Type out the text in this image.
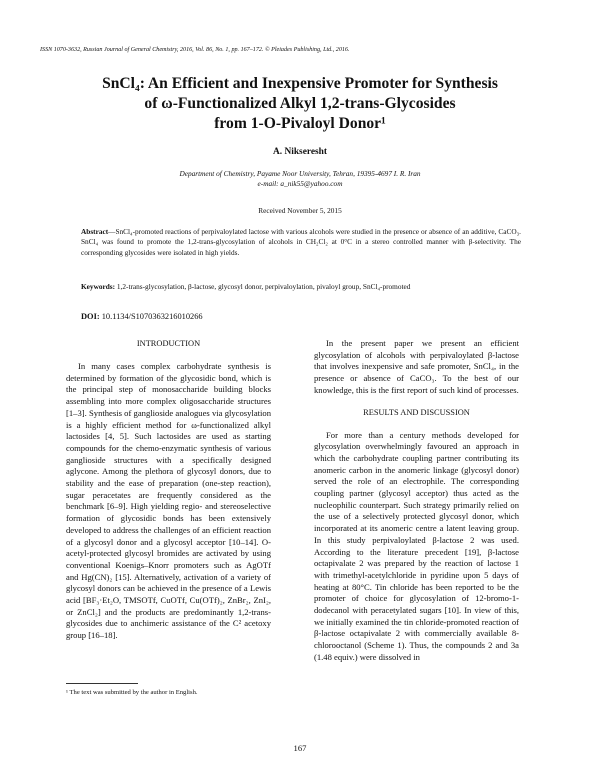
ISSN 1070-3632, Russian Journal of General Chemistry, 2016, Vol. 86, No. 1, pp. 167–172. © Pleiades Publishing, Ltd., 2016.
SnCl₄: An Efficient and Inexpensive Promoter for Synthesis
of ω-Functionalized Alkyl 1,2-trans-Glycosides
from 1-O-Pivaloyl Donor¹
A. Nikseresht
Department of Chemistry, Payame Noor University, Tehran, 19395-4697 I. R. Iran
e-mail: a_nik55@yahoo.com
Received November 5, 2015

Abstract—SnCl₄-promoted reactions of perpivaloylated lactose with various alcohols were studied in the presence or absence of an additive, CaCO₃. SnCl₄ was found to promote the 1,2-trans-glycosylation of alcohols in CH₂Cl₂ at 0°C in a stereo controlled manner with β-selectivity. The corresponding glycosides were isolated in high yields.

Keywords: 1,2-trans-glycosylation, β-lactose, glycosyl donor, perpivaloylation, pivaloyl group, SnCl₄-promoted

DOI: 10.1134/S1070363216010266
INTRODUCTION

In many cases complex carbohydrate synthesis is determined by formation of the glycosidic bond, which is the principal step of monosaccharide building blocks assembling into more complex oligosaccharide structures [1–3]. Synthesis of ganglioside analogues via glycosylation is a highly efficient method for ω-functionalized alkyl lactosides [4, 5]. Such lactosides are used as starting compounds for the chemo-enzymatic synthesis of various ganglioside structures with a specifically designed aglycone. Among the plethora of glycosyl donors, due to stability and the ease of preparation (one-step reaction), sugar peracetates are frequently considered as the benchmark [6–9]. High yielding regio- and stereoselective formation of glycosidic bonds has been extensively developed to address the challenges of an efficient reaction of a glycosyl donor and a glycosyl acceptor [10–14]. O-acetyl-protected glycosyl bromides are activated by using conventional Koenigs–Knorr promoters such as AgOTf and Hg(CN)₂ [15]. Alternatively, activation of a variety of glycosyl donors can be achieved in the presence of a Lewis acid [BF₃·Et₂O, TMSOTf, CuOTf, Cu(OTf)₂, ZnBr₂, ZnI₂, or ZnCl₂] and the products are predominantly 1,2-trans-glycosides due to anchimeric assistance of the C² acetoxy group [16–18].

In the present paper we present an efficient glycosylation of alcohols with perpivaloylated β-lactose that involves inexpensive and safe promoter, SnCl₄, in the presence or absence of CaCO₃. To the best of our knowledge, this is the first report of such kind of processes.

RESULTS AND DISCUSSION

For more than a century methods developed for glycosylation overwhelmingly favoured an approach in which the carbohydrate coupling partner contributing its anomeric carbon in the anomeric linkage (glycosyl donor) served the role of an electrophile. The corresponding coupling partner (glycosyl acceptor) thus acted as the nucleophilic counterpart. Such strategy primarily relied on the use of a selectively protected glycosyl donor, which incorporated at its anomeric centre a latent leaving group. In this study perpivaloylated β-lactose 2 was used. According to the literature precedent [19], β-lactose octapivalate 2 was prepared by the reaction of lactose 1 with trimethyl-acetylchloride in pyridine upon 5 days of heating at 80°C. Tin chloride has been reported to be the promoter of choice for glycosylation of 12-bromo-1-dodecanol with peracetylated sugars [10]. In view of this, we initially examined the tin chloride-promoted reaction of β-lactose octapivalate 2 with commercially available 8-chlorooctanol (Scheme 1). Thus, the compounds 2 and 3a (1.48 equiv.) were dissolved in

¹ The text was submitted by the author in English.
167
